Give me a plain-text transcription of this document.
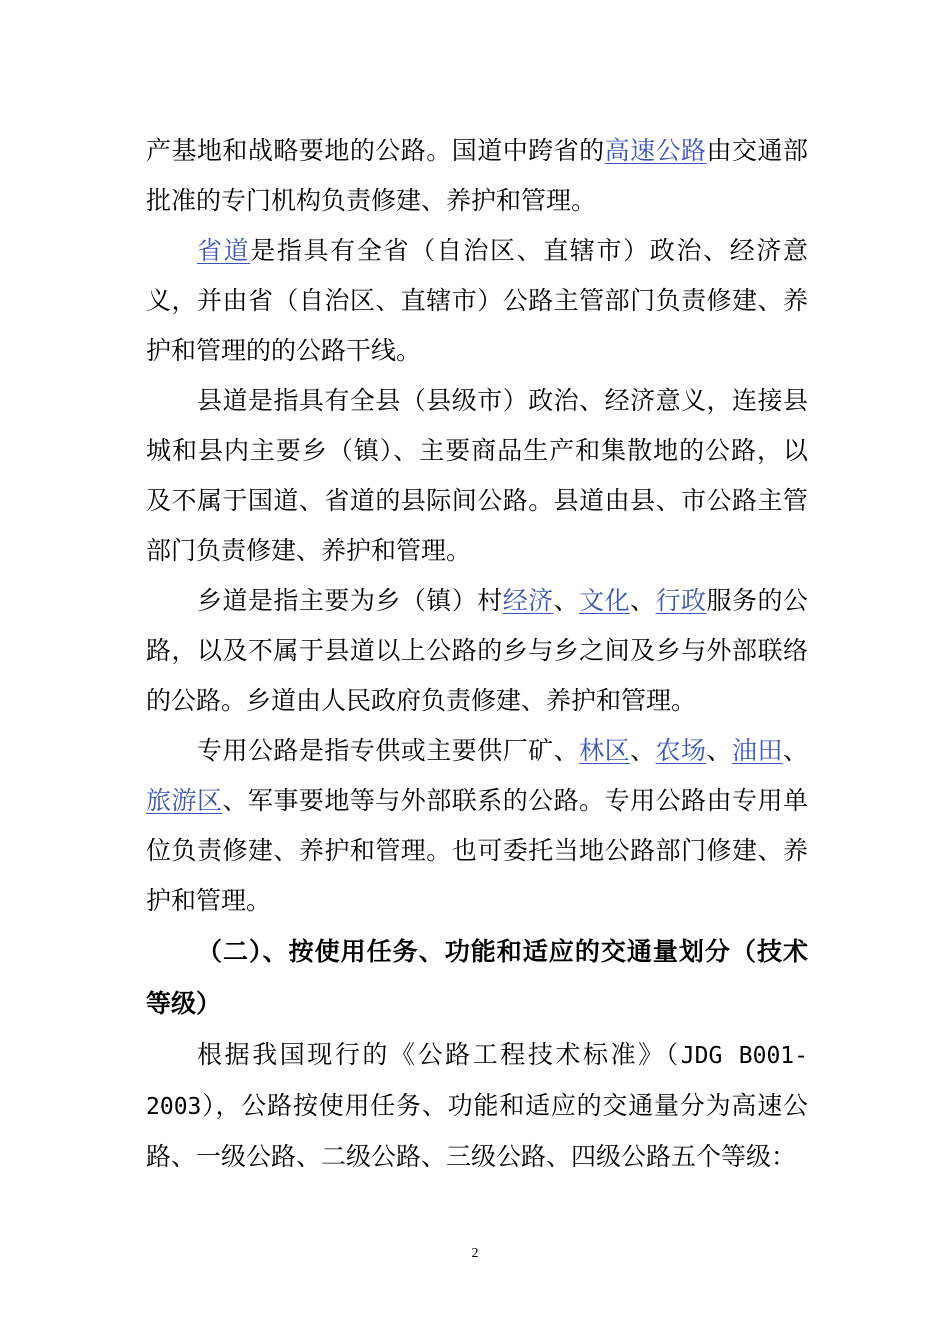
产基地和战略要地的公路。国道中跨省的高速公路由交通部批准的专门机构负责修建、养护和管理。

省道是指具有全省（自治区、直辖市）政治、经济意义，并由省（自治区、直辖市）公路主管部门负责修建、养护和管理的的公路干线。

县道是指具有全县（县级市）政治、经济意义，连接县城和县内主要乡（镇）、主要商品生产和集散地的公路，以及不属于国道、省道的县际间公路。县道由县、市公路主管部门负责修建、养护和管理。

乡道是指主要为乡（镇）村经济、文化、行政服务的公路，以及不属于县道以上公路的乡与乡之间及乡与外部联络的公路。乡道由人民政府负责修建、养护和管理。

专用公路是指专供或主要供厂矿、林区、农场、油田、旅游区、军事要地等与外部联系的公路。专用公路由专用单位负责修建、养护和管理。也可委托当地公路部门修建、养护和管理。

（二）、按使用任务、功能和适应的交通量划分（技术等级）

根据我国现行的《公路工程技术标准》（JDG B001-2003），公路按使用任务、功能和适应的交通量分为高速公路、一级公路、二级公路、三级公路、四级公路五个等级：

2
